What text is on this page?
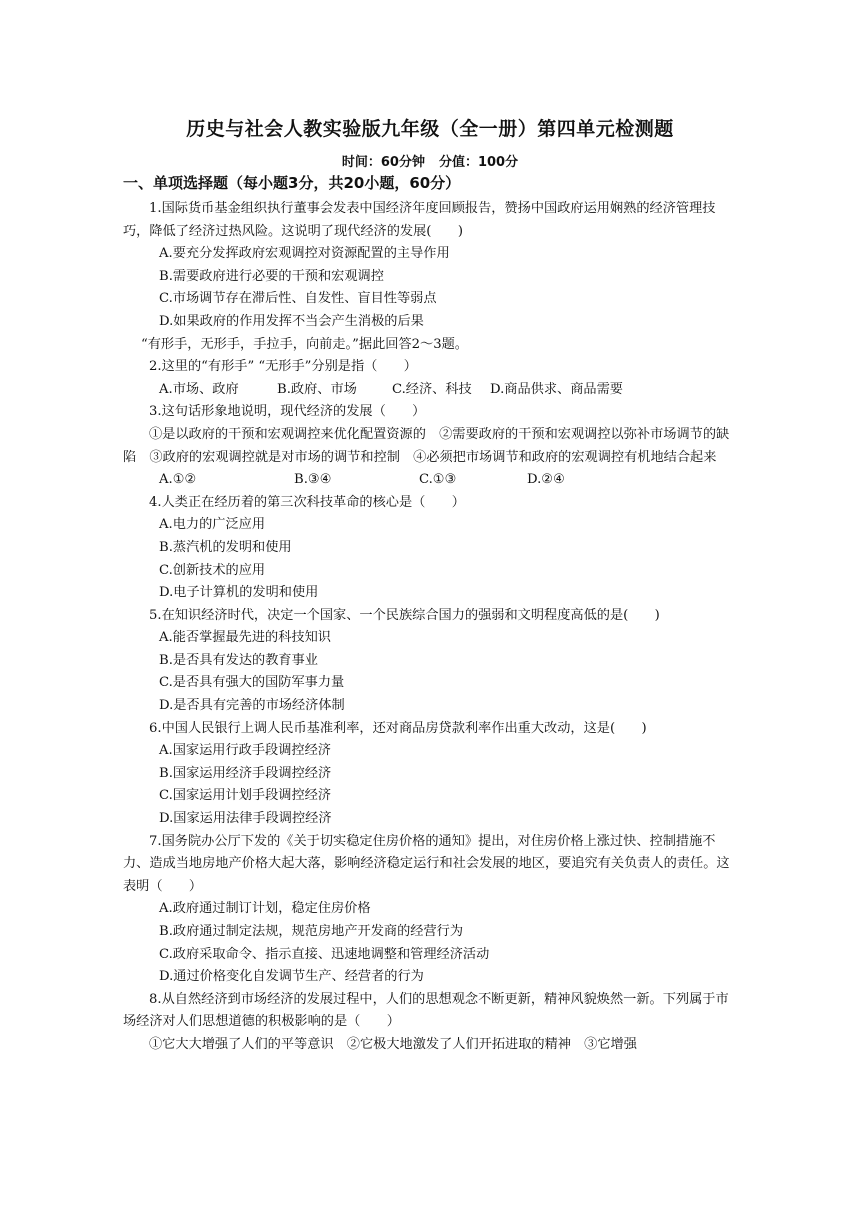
历史与社会人教实验版九年级（全一册）第四单元检测题
时间：60分钟 分值：100分
一、单项选择题（每小题3分，共20小题，60分）

1.国际货币基金组织执行董事会发表中国经济年度回顾报告，赞扬中国政府运用娴熟的经济管理技巧，降低了经济过热风险。这说明了现代经济的发展(　　)

A.要充分发挥政府宏观调控对资源配置的主导作用

B.需要政府进行必要的干预和宏观调控

C.市场调节存在滞后性、自发性、盲目性等弱点

D.如果政府的作用发挥不当会产生消极的后果

“有形手，无形手，手拉手，向前走。”据此回答2～3题。

2.这里的“有形手” “无形手”分别是指（　　）

A.市场、政府	B.政府、市场	C.经济、科技 D.商品供求、商品需要

3.这句话形象地说明，现代经济的发展（　　）

①是以政府的干预和宏观调控来优化配置资源的　②需要政府的干预和宏观调控以弥补市场调节的缺陷　③政府的宏观调控就是对市场的调节和控制　④必须把市场调节和政府的宏观调控有机地结合起来

A.①②	B.③④	C.①③	D.②④

4.人类正在经历着的第三次科技革命的核心是（　　）

A.电力的广泛应用

B.蒸汽机的发明和使用

C.创新技术的应用

D.电子计算机的发明和使用

5.在知识经济时代，决定一个国家、一个民族综合国力的强弱和文明程度高低的是(　　)

A.能否掌握最先进的科技知识

B.是否具有发达的教育事业

C.是否具有强大的国防军事力量

D.是否具有完善的市场经济体制

6.中国人民银行上调人民币基准利率，还对商品房贷款利率作出重大改动，这是(　　)

A.国家运用行政手段调控经济

B.国家运用经济手段调控经济

C.国家运用计划手段调控经济

D.国家运用法律手段调控经济

7.国务院办公厅下发的《关于切实稳定住房价格的通知》提出，对住房价格上涨过快、控制措施不力、造成当地房地产价格大起大落，影响经济稳定运行和社会发展的地区，要追究有关负责人的责任。这表明（　　）

A.政府通过制订计划，稳定住房价格

B.政府通过制定法规，规范房地产开发商的经营行为

C.政府采取命令、指示直接、迅速地调整和管理经济活动

D.通过价格变化自发调节生产、经营者的行为

8.从自然经济到市场经济的发展过程中，人们的思想观念不断更新，精神风貌焕然一新。下列属于市场经济对人们思想道德的积极影响的是（　　）

①它大大增强了人们的平等意识　②它极大地激发了人们开拓进取的精神　③它增强
